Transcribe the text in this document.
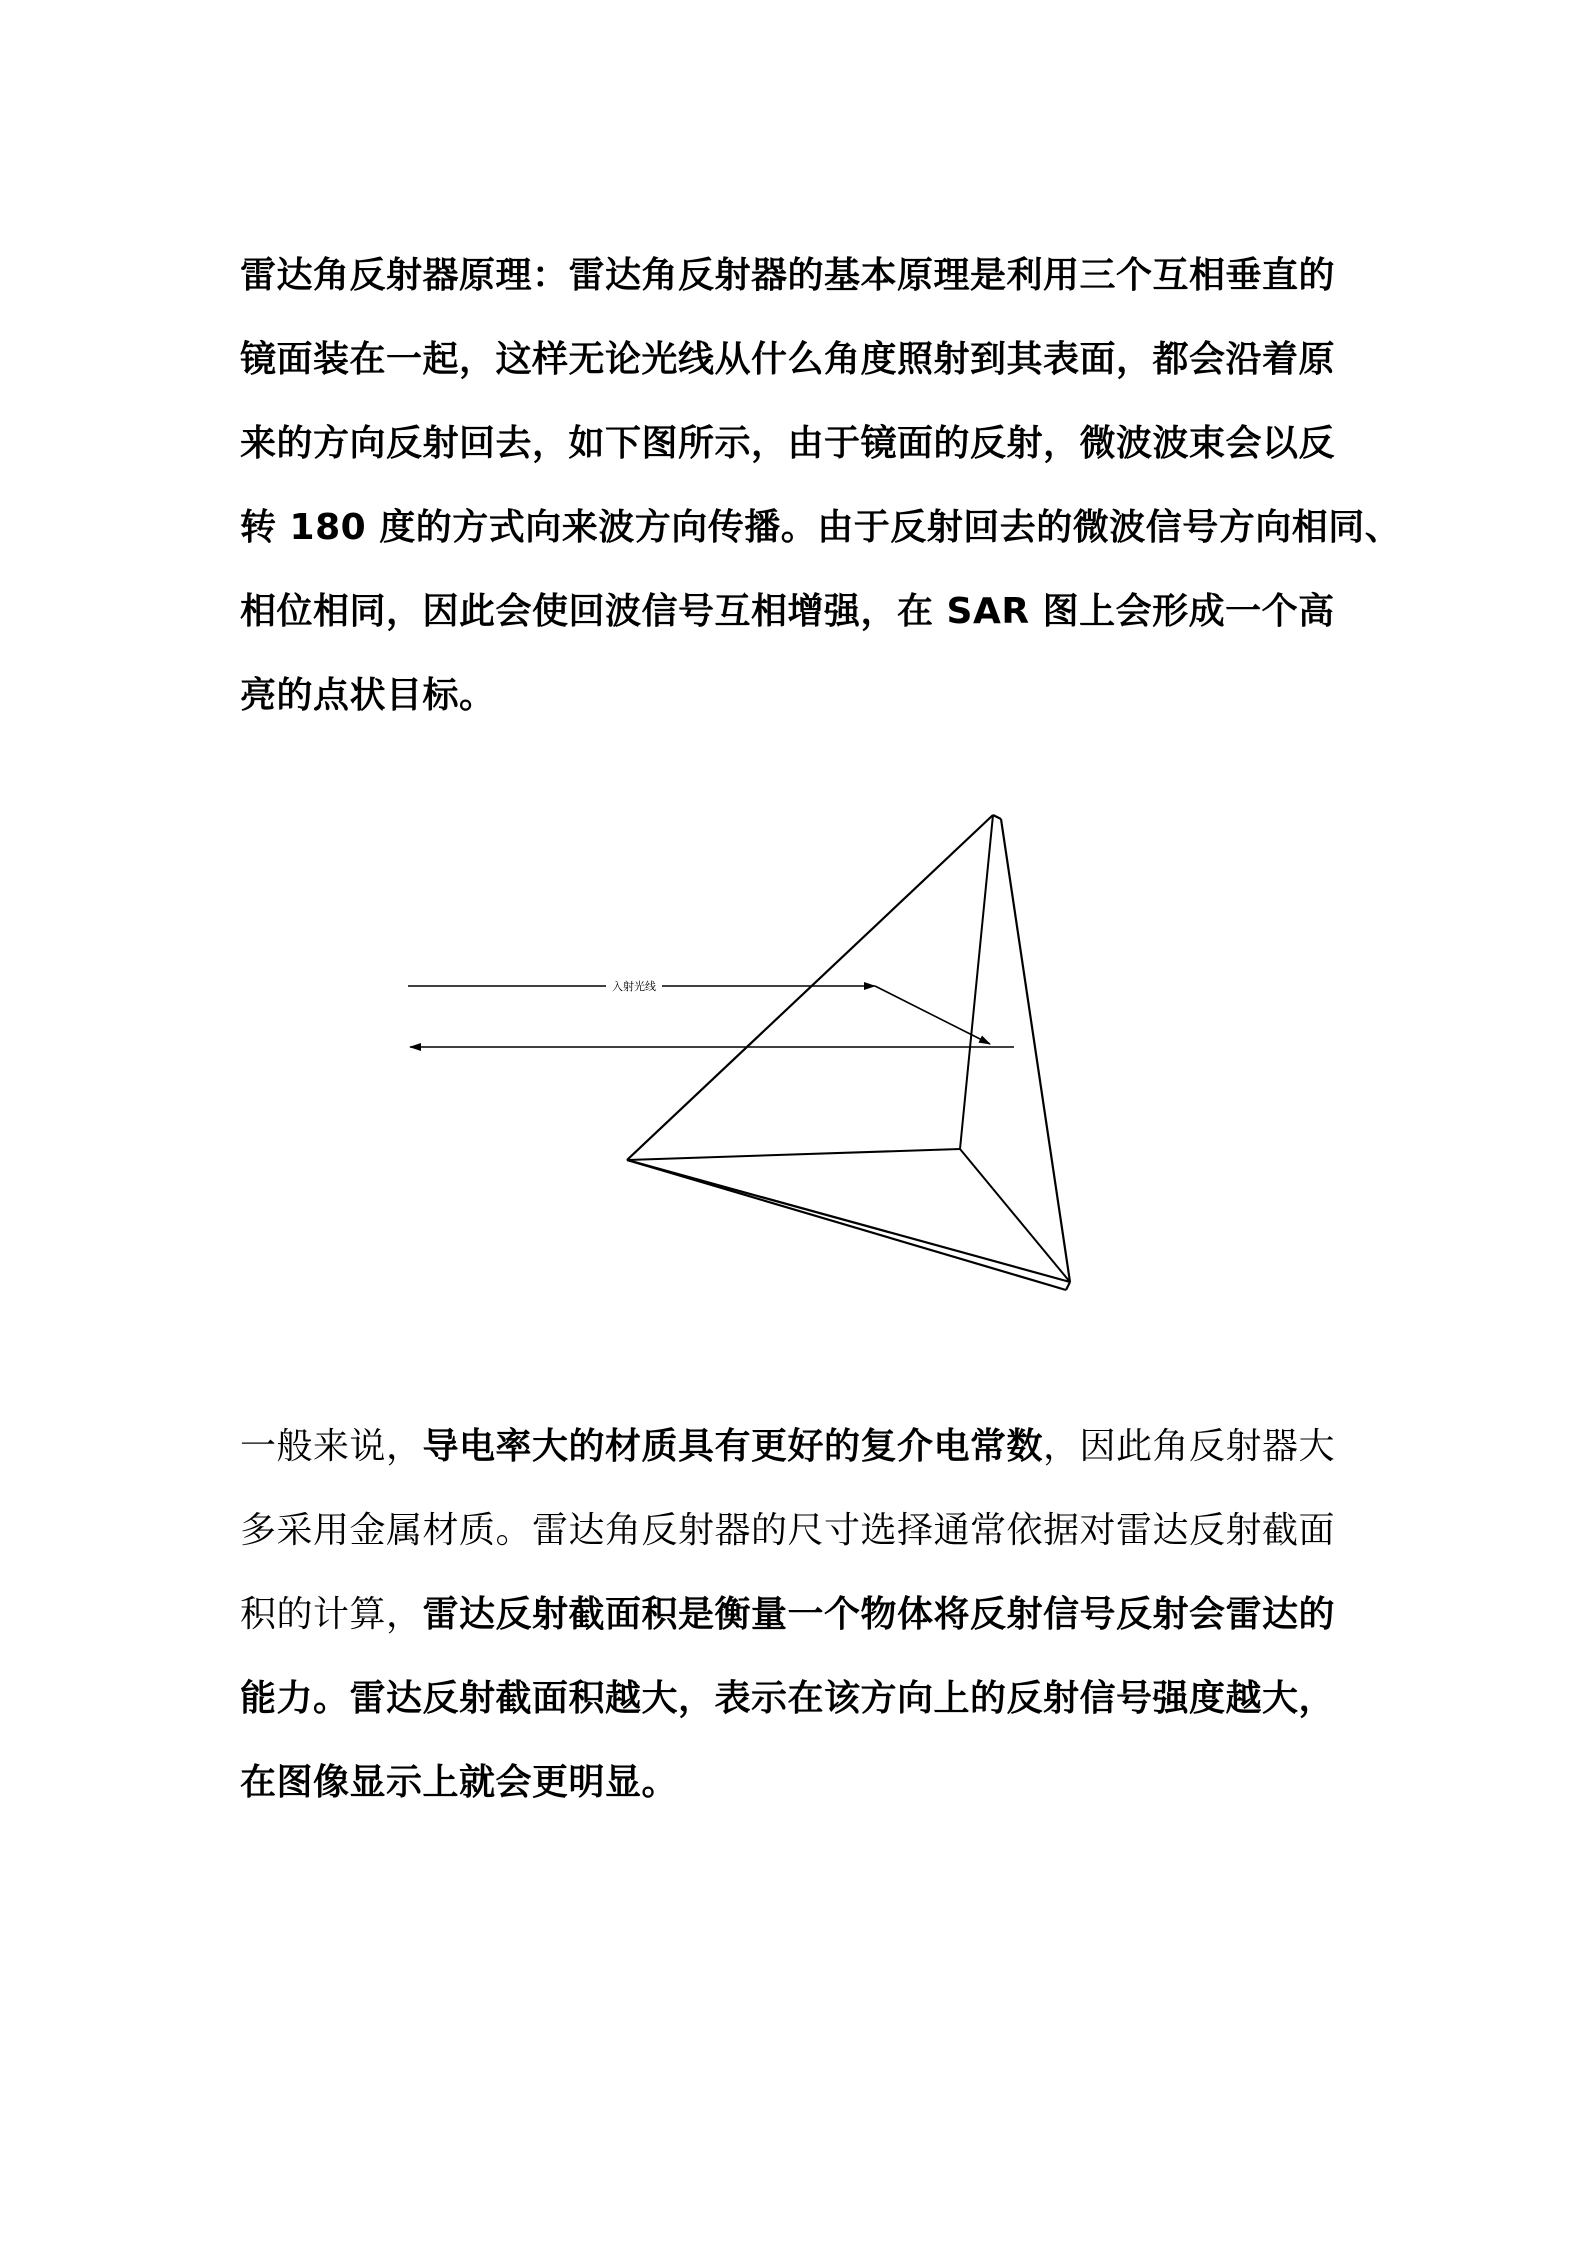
雷达角反射器原理：雷达角反射器的基本原理是利用三个互相垂直的
镜面装在一起，这样无论光线从什么角度照射到其表面，都会沿着原
来的方向反射回去，如下图所示，由于镜面的反射，微波波束会以反
转 180 度的方式向来波方向传播。由于反射回去的微波信号方向相同、
相位相同，因此会使回波信号互相增强，在 SAR 图上会形成一个高
亮的点状目标。
入射光线
一般来说，导电率大的材质具有更好的复介电常数，因此角反射器大
多采用金属材质。雷达角反射器的尺寸选择通常依据对雷达反射截面
积的计算，雷达反射截面积是衡量一个物体将反射信号反射会雷达的
能力。雷达反射截面积越大，表示在该方向上的反射信号强度越大，
在图像显示上就会更明显。
